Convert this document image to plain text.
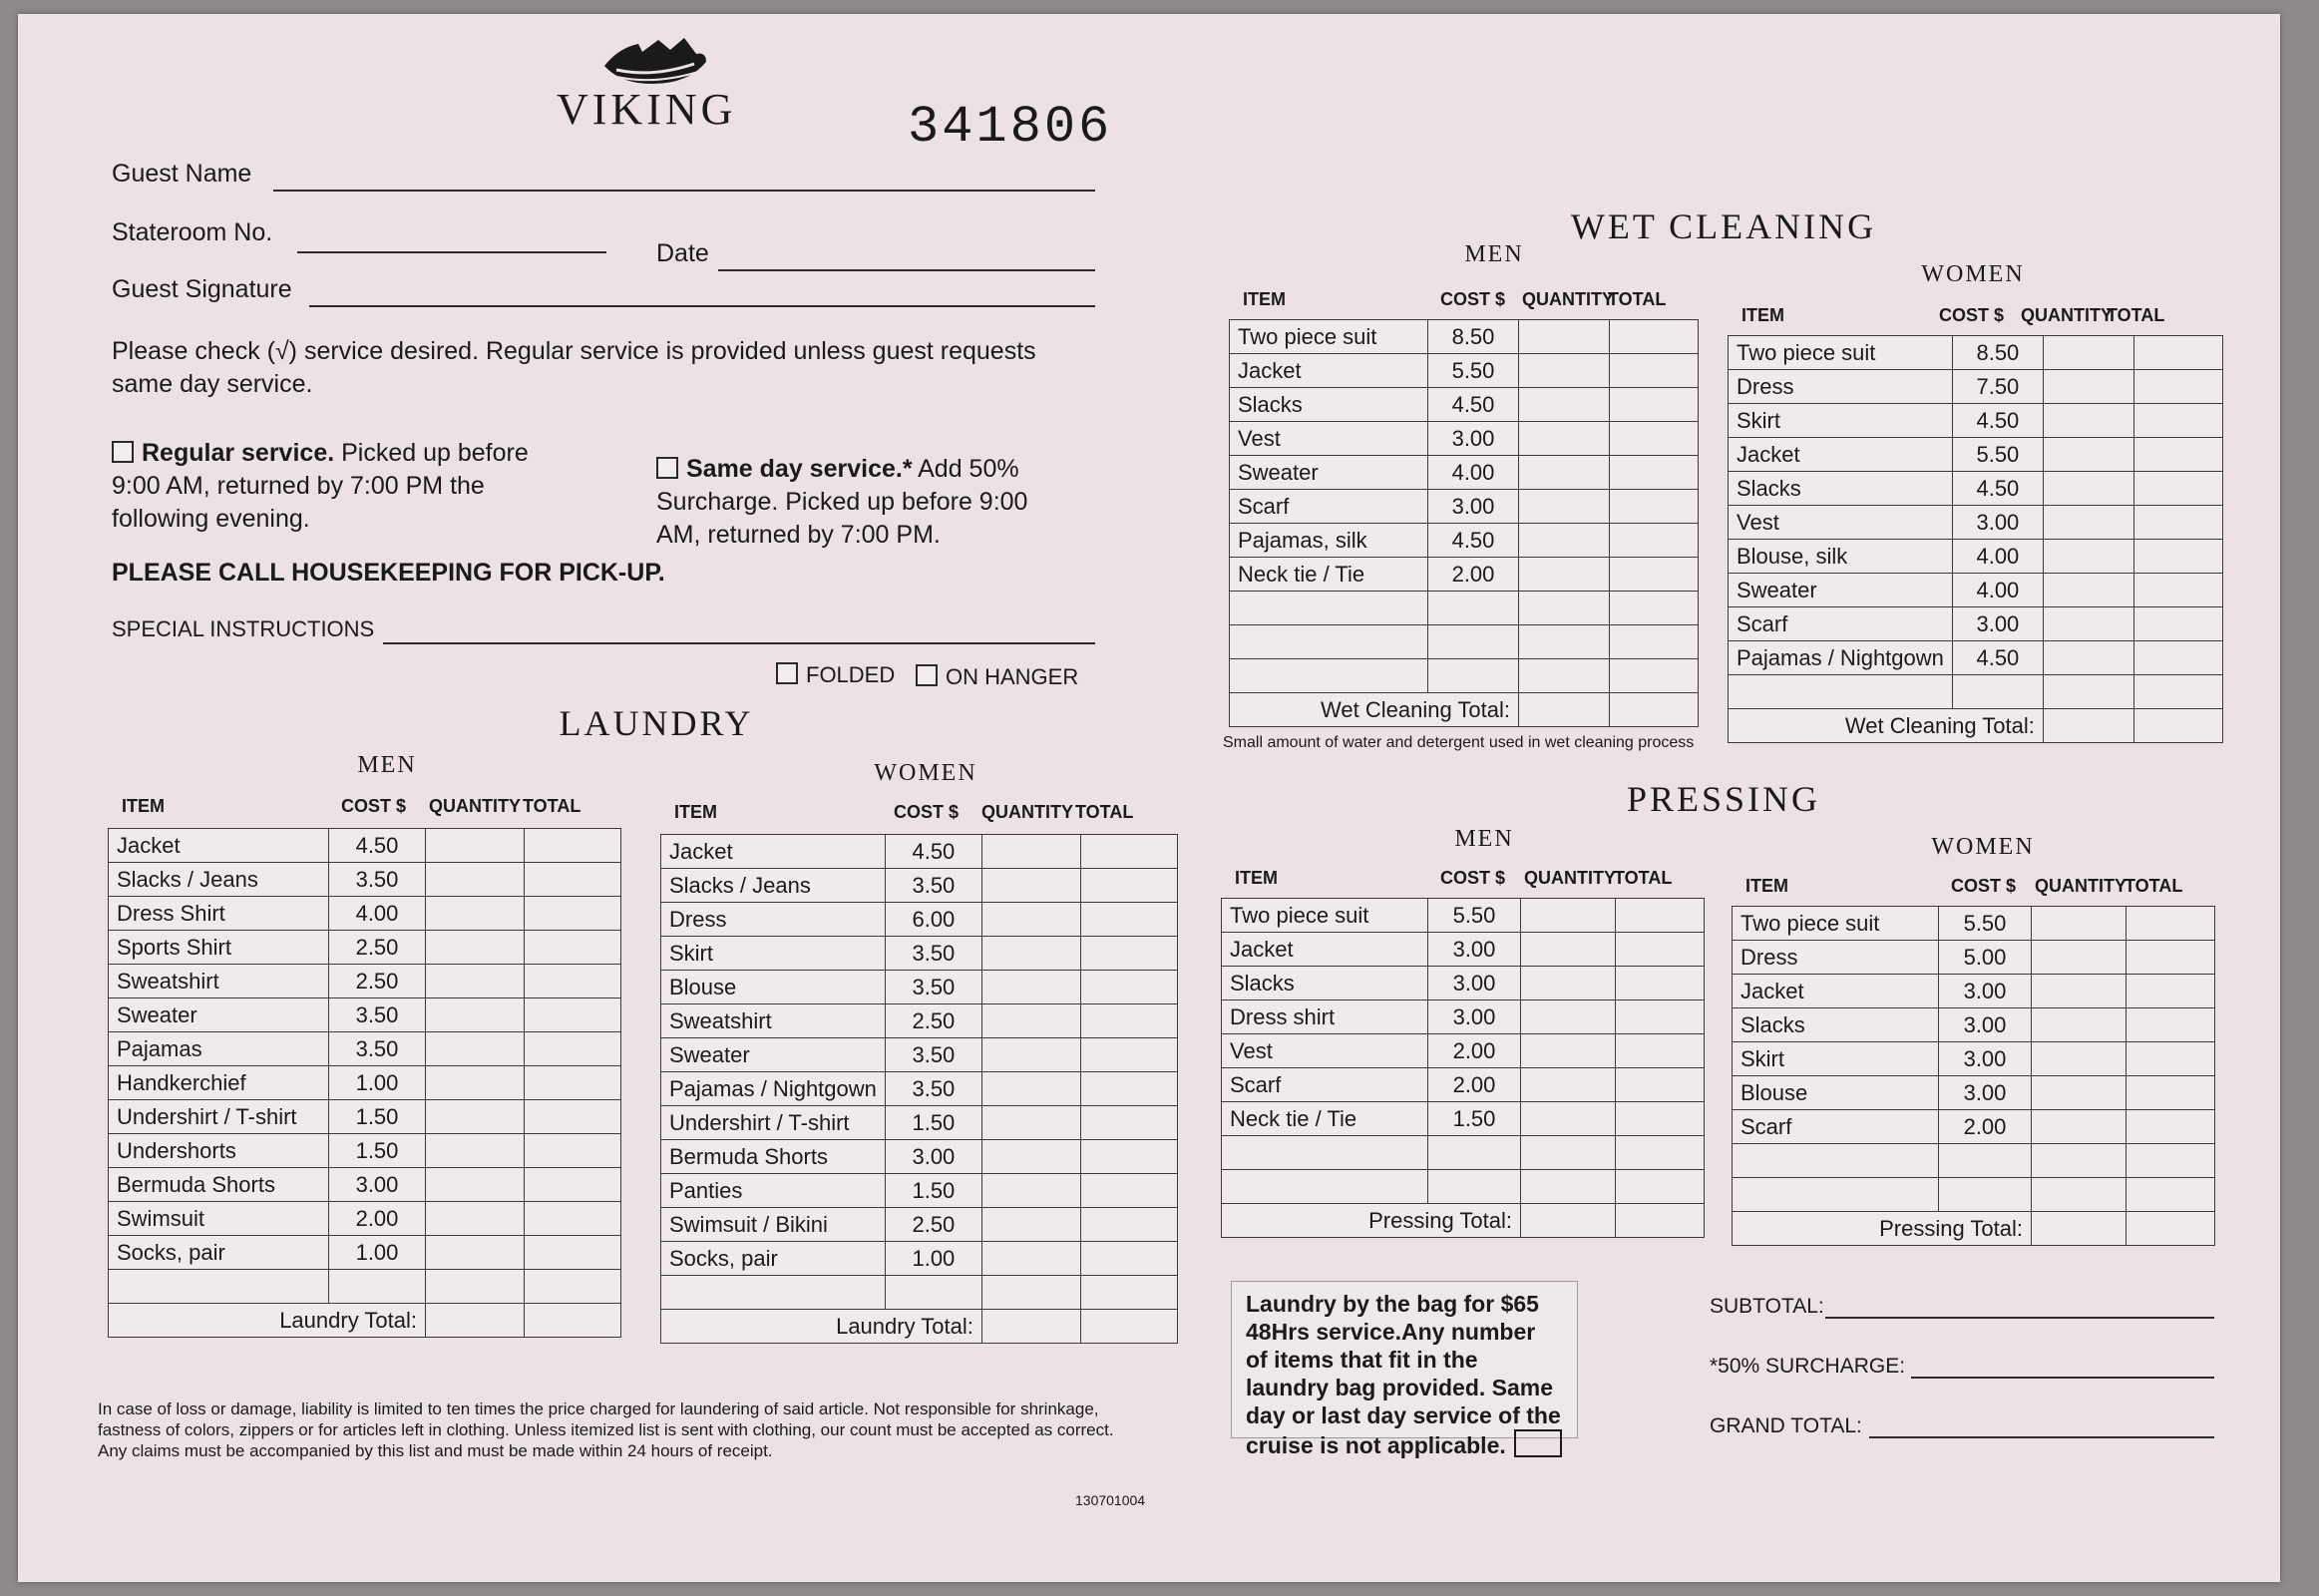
VIKING	341806
Guest Name
Stateroom No.
Date
Guest Signature
Please check (√) service desired. Regular service is provided unless guest requests same day service.
Regular service. Picked up before 9:00 AM, returned by 7:00 PM the following evening.
Same day service.* Add 50% Surcharge. Picked up before 9:00 AM, returned by 7:00 PM.
PLEASE CALL HOUSEKEEPING FOR PICK-UP.
SPECIAL INSTRUCTIONS
FOLDED	ON HANGER
LAUNDRY
MEN	WOMEN
ITEM	COST $ QUANTITY TOTAL
Jacket	4.50		
Slacks / Jeans	3.50		
Dress Shirt	4.00		
Sports Shirt	2.50		
Sweatshirt	2.50		
Sweater	3.50		
Pajamas	3.50		
Handkerchief	1.00		
Undershirt / T-shirt	1.50		
Undershorts	1.50		
Bermuda Shorts	3.00		
Swimsuit	2.00		
Socks, pair	1.00		

Laundry Total:			
ITEM	COST $ QUANTITY TOTAL
Jacket	4.50		
Slacks / Jeans	3.50		
Dress	6.00		
Skirt	3.50		
Blouse	3.50		
Sweatshirt	2.50		
Sweater	3.50		
Pajamas / Nightgown	3.50		
Undershirt / T-shirt	1.50		
Bermuda Shorts	3.00		
Panties	1.50		
Swimsuit / Bikini	2.50		
Socks, pair	1.00		

Laundry Total:			
In case of loss or damage, liability is limited to ten times the price charged for laundering of said article. Not responsible for shrinkage, fastness of colors, zippers or for articles left in clothing. Unless itemized list is sent with clothing, our count must be accepted as correct. Any claims must be accompanied by this list and must be made within 24 hours of receipt.
130701004
WET CLEANING
MEN
WOMEN
ITEM	COST $ QUANTITY
TOTAL
Two piece suit	8.50		
Jacket	5.50		
Slacks	4.50		
Vest	3.00		
Sweater	4.00		
Scarf	3.00		
Pajamas, silk	4.50		
Neck tie / Tie	2.00		

Wet Cleaning Total:			
ITEM	COST $ QUANTITY
TOTAL
Two piece suit	8.50		
Dress	7.50		
Skirt	4.50		
Jacket	5.50		
Slacks	4.50		
Vest	3.00		
Blouse, silk	4.00		
Sweater	4.00		
Scarf	3.00		
Pajamas / Nightgown	4.50		

Wet Cleaning Total:			
Small amount of water and detergent used in wet cleaning process
PRESSING
MEN	WOMEN
ITEM	COST $ QUANTITY
TOTAL
Two piece suit	5.50		
Jacket	3.00		
Slacks	3.00		
Dress shirt	3.00		
Vest	2.00		
Scarf	2.00		
Neck tie / Tie	1.50		

Pressing Total:			
ITEM	COST $ QUANTITY
TOTAL
Two piece suit	5.50		
Dress	5.00		
Jacket	3.00		
Slacks	3.00		
Skirt	3.00		
Blouse	3.00		
Scarf	2.00		

Pressing Total:			
Laundry by the bag for $65 48Hrs service.Any number of items that fit in the laundry bag provided. Same day or last day service of the cruise is not applicable.
SUBTOTAL:
*50% SURCHARGE:
GRAND TOTAL:
